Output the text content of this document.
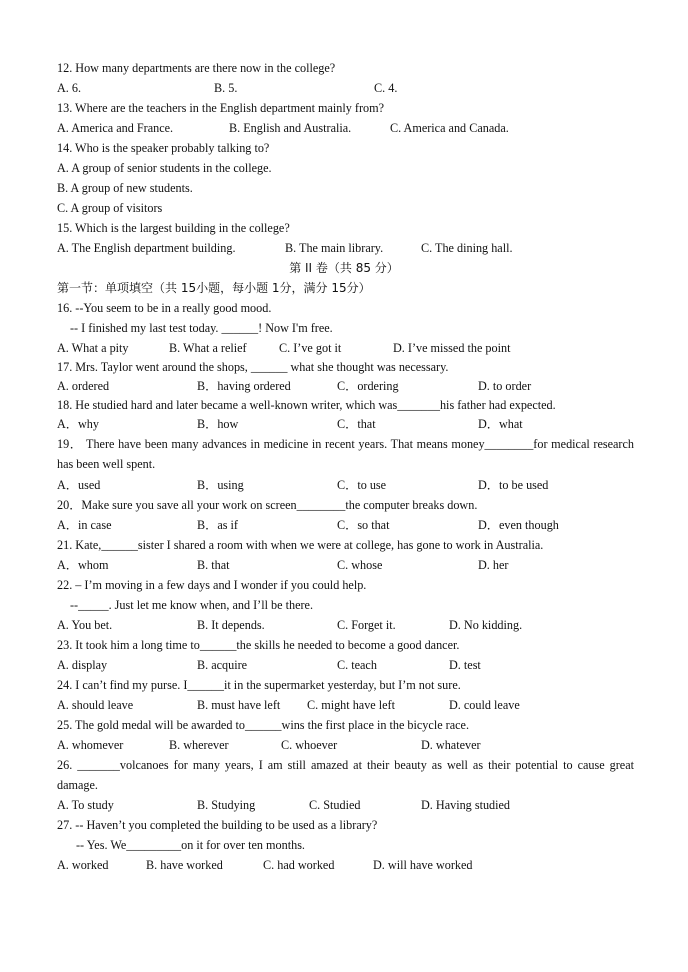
12. How many departments are there now in the college?
A. 6.	B. 5.	C. 4.
13. Where are the teachers in the English department mainly from?
A. America and France.	B. English and Australia.	C. America and Canada.
14. Who is the speaker probably talking to?
A. A group of senior students in the college.
B. A group of new students.
C. A group of visitors
15. Which is the largest building in the college?
A. The English department building.	B. The main library.	C. The dining hall.
第 II 卷（共 85 分）
第一节：单项填空（共 15小题，每小题 1分，满分 15分）
16. --You seem to be in a really good mood.
-- I finished my last test today. ______! Now I'm free.
A. What a pity	B. What a relief	C. I’ve got it	D. I’ve missed the point
17. Mrs. Taylor went around the shops, ______ what she thought was necessary.
A. ordered	B．having ordered	C．ordering	D. to order
18. He studied hard and later became a well-known writer, which was_______his father had expected.
A．why	B．how	C．that	D．what
19． There have been many advances in medicine in recent years. That means money________for medical research has been well spent.
A．used	B．using	C．to use	D．to be used
20．Make sure you save all your work on screen________the computer breaks down.
A．in case	B．as if	C．so that	D．even though
21. Kate,______sister I shared a room with when we were at college, has gone to work in Australia.
A．whom	B. that	C. whose	D. her
22. – I’m moving in a few days and I wonder if you could help.
--_____. Just let me know when, and I’ll be there.
A. You bet.	B. It depends.	C. Forget it.	D. No kidding.
23. It took him a long time to______the skills he needed to become a good dancer.
A. display	B. acquire	C. teach	D. test
24. I can’t find my purse. I______it in the supermarket yesterday, but I’m not sure.
A. should leave	B. must have left C. might have left	D. could leave
25. The gold medal will be awarded to______wins the first place in the bicycle race.
A. whomever	B. wherever	C. whoever	D. whatever
26. _______volcanoes for many years, I am still amazed at their beauty as well as their potential to cause great damage.
A. To study	B. Studying	C. Studied	D. Having studied
27. -- Haven’t you completed the building to be used as a library?
-- Yes. We_________on it for over ten months.
A. worked	B. have worked	C. had worked	D. will have worked
